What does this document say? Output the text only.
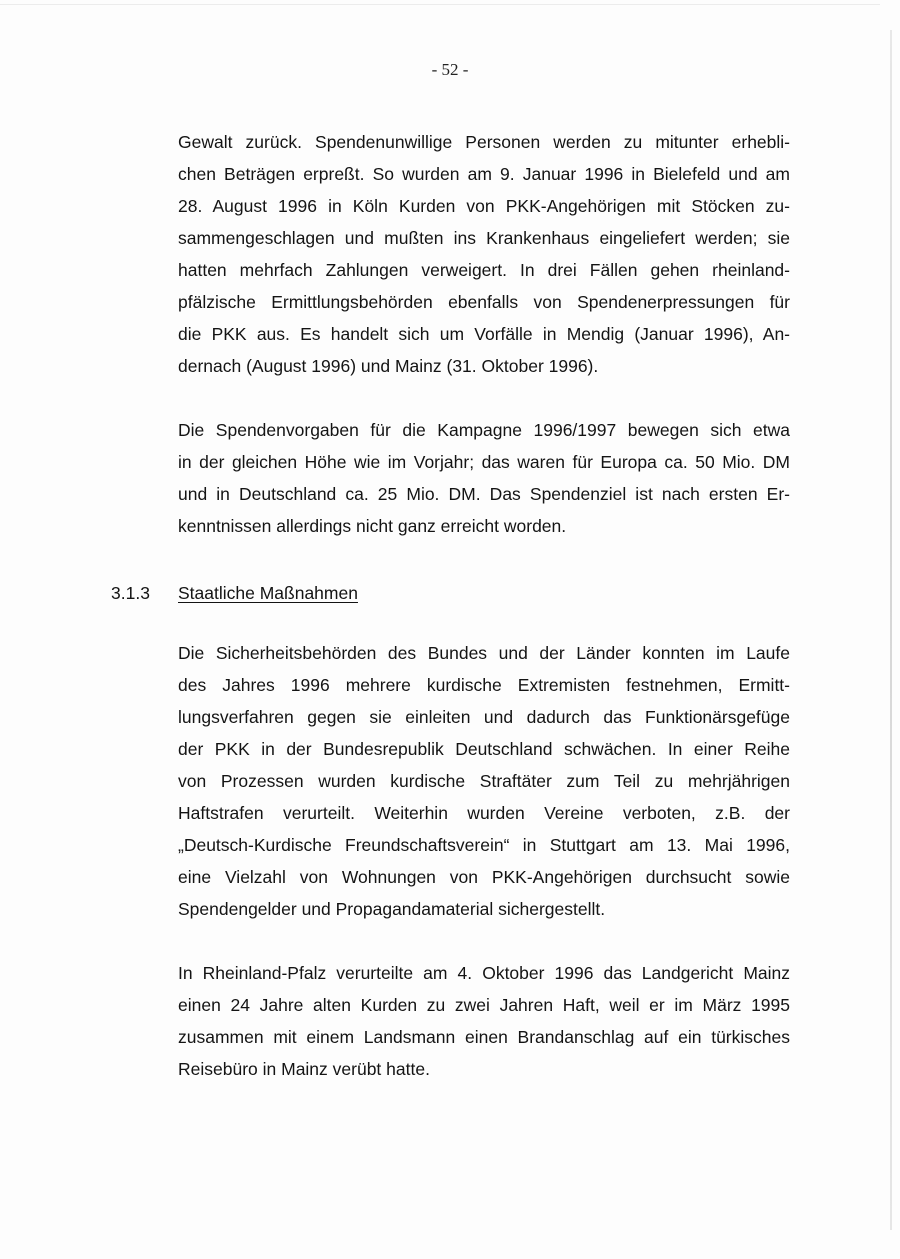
- 52 -

Gewalt zurück. Spendenunwillige Personen werden zu mitunter erhebli-
chen Beträgen erpreßt. So wurden am 9. Januar 1996 in Bielefeld und am
28. August 1996 in Köln Kurden von PKK-Angehörigen mit Stöcken zu-
sammengeschlagen und mußten ins Krankenhaus eingeliefert werden; sie
hatten mehrfach Zahlungen verweigert. In drei Fällen gehen rheinland-
pfälzische Ermittlungsbehörden ebenfalls von Spendenerpressungen für
die PKK aus. Es handelt sich um Vorfälle in Mendig (Januar 1996), An-
dernach (August 1996) und Mainz (31. Oktober 1996).

Die Spendenvorgaben für die Kampagne 1996/1997 bewegen sich etwa
in der gleichen Höhe wie im Vorjahr; das waren für Europa ca. 50 Mio. DM
und in Deutschland ca. 25 Mio. DM. Das Spendenziel ist nach ersten Er-
kenntnissen allerdings nicht ganz erreicht worden.

3.1.3 Staatliche Maßnahmen

Die Sicherheitsbehörden des Bundes und der Länder konnten im Laufe
des Jahres 1996 mehrere kurdische Extremisten festnehmen, Ermitt-
lungsverfahren gegen sie einleiten und dadurch das Funktionärsgefüge
der PKK in der Bundesrepublik Deutschland schwächen. In einer Reihe
von Prozessen wurden kurdische Straftäter zum Teil zu mehrjährigen
Haftstrafen verurteilt. Weiterhin wurden Vereine verboten, z.B. der
„Deutsch-Kurdische Freundschaftsverein“ in Stuttgart am 13. Mai 1996,
eine Vielzahl von Wohnungen von PKK-Angehörigen durchsucht sowie
Spendengelder und Propagandamaterial sichergestellt.

In Rheinland-Pfalz verurteilte am 4. Oktober 1996 das Landgericht Mainz
einen 24 Jahre alten Kurden zu zwei Jahren Haft, weil er im März 1995
zusammen mit einem Landsmann einen Brandanschlag auf ein türkisches
Reisebüro in Mainz verübt hatte.
